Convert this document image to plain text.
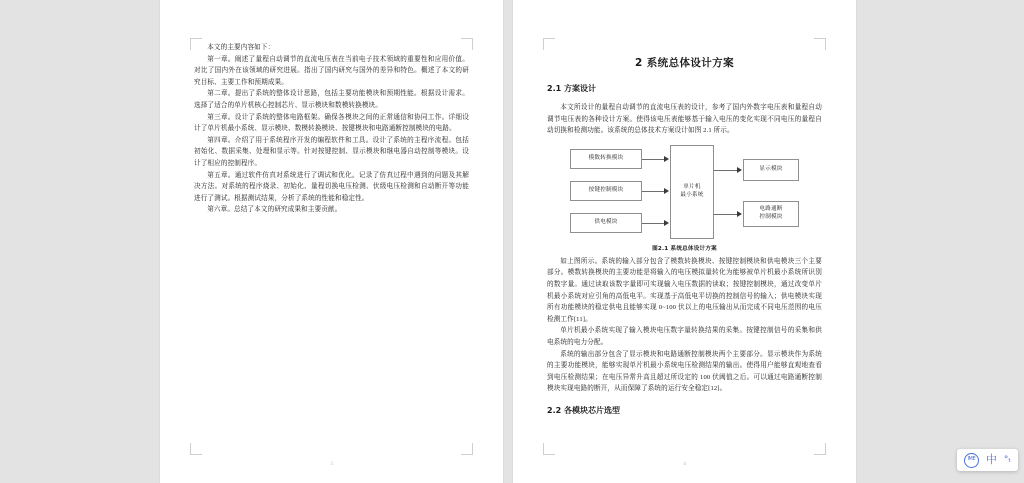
本文的主要内容如下：

第一章。阐述了量程自动调节的直流电压表在当前电子技术领域的重要性和应用价值。对比了国内外在该领域的研究进展。指出了国内研究与国外的差异和特色。概述了本文的研究目标、主要工作和预期成果。

第二章。提出了系统的整体设计思路，包括主要功能模块和预期性能。根据设计需求。选择了适合的单片机核心控制芯片、显示模块和数模转换模块。

第三章。设计了系统的整体电路框架。确保各模块之间的正常通信和协同工作。详细设计了单片机最小系统、显示模块、数模转换模块、按键模块和电路通断控制模块的电路。

第四章。介绍了用于系统程序开发的编程软件和工具。设计了系统的主程序流程。包括初始化、数据采集、处理和显示等。针对按键控制、显示模块和继电器自动控制等模块。设计了相应的控制程序。

第五章。通过软件仿真对系统进行了调试和优化。记录了仿真过程中遇到的问题及其解决方法。对系统的程序烧录、初始化、量程切换电压检测、伏级电压检测和自动断开等功能进行了测试。根据测试结果，分析了系统的性能和稳定性。

第六章。总结了本文的研究成果和主要贡献。

3
2 系统总体设计方案
2.1 方案设计

本文所设计的量程自动调节的直流电压表的设计，参考了国内外数字电压表和量程自动调节电压表的各种设计方案。使得该电压表能够基于输入电压的变化实现不同电压的量程自动切换和检测功能。该系统的总体技术方案设计如图 2.1 所示。

模数转换模块
按键控制模块
供电模块
单片机
最小系统
显示模块
电路通断
控制模块
图2.1 系统总体设计方案

如上图所示。系统的输入部分包含了模数转换模块、按键控制模块和供电模块三个主要部分。模数转换模块的主要功能是将输入的电压模拟量转化为能够被单片机最小系统所识别的数字量。通过读取该数字量即可实现输入电压数据的读取；按键控制模块，通过改变单片机最小系统对应引角的高低电平。实现基于高低电平切换的控制信号的输入；供电模块实现所有功能模块的稳定供电且能够实现 0~100 伏以上的电压输出从而完成不同电压范围的电压检测工作[11]。

单片机最小系统实现了输入模块电压数字量转换结果的采集。按键控制信号的采集和供电系统的电力分配。

系统的输出部分包含了显示模块和电路通断控制模块两个主要部分。显示模块作为系统的主要功能模块，能够实现单片机最小系统电压检测结果的输出。使得用户能够直观地查看到电压检测结果；在电压异常升高且超过所设定的 100 伏阈值之后。可以通过电路通断控制模块实现电路的断开，从而保障了系统的运行安全稳定[12]。

2.2 各模块芯片选型
4
IME 中 °ₜ
